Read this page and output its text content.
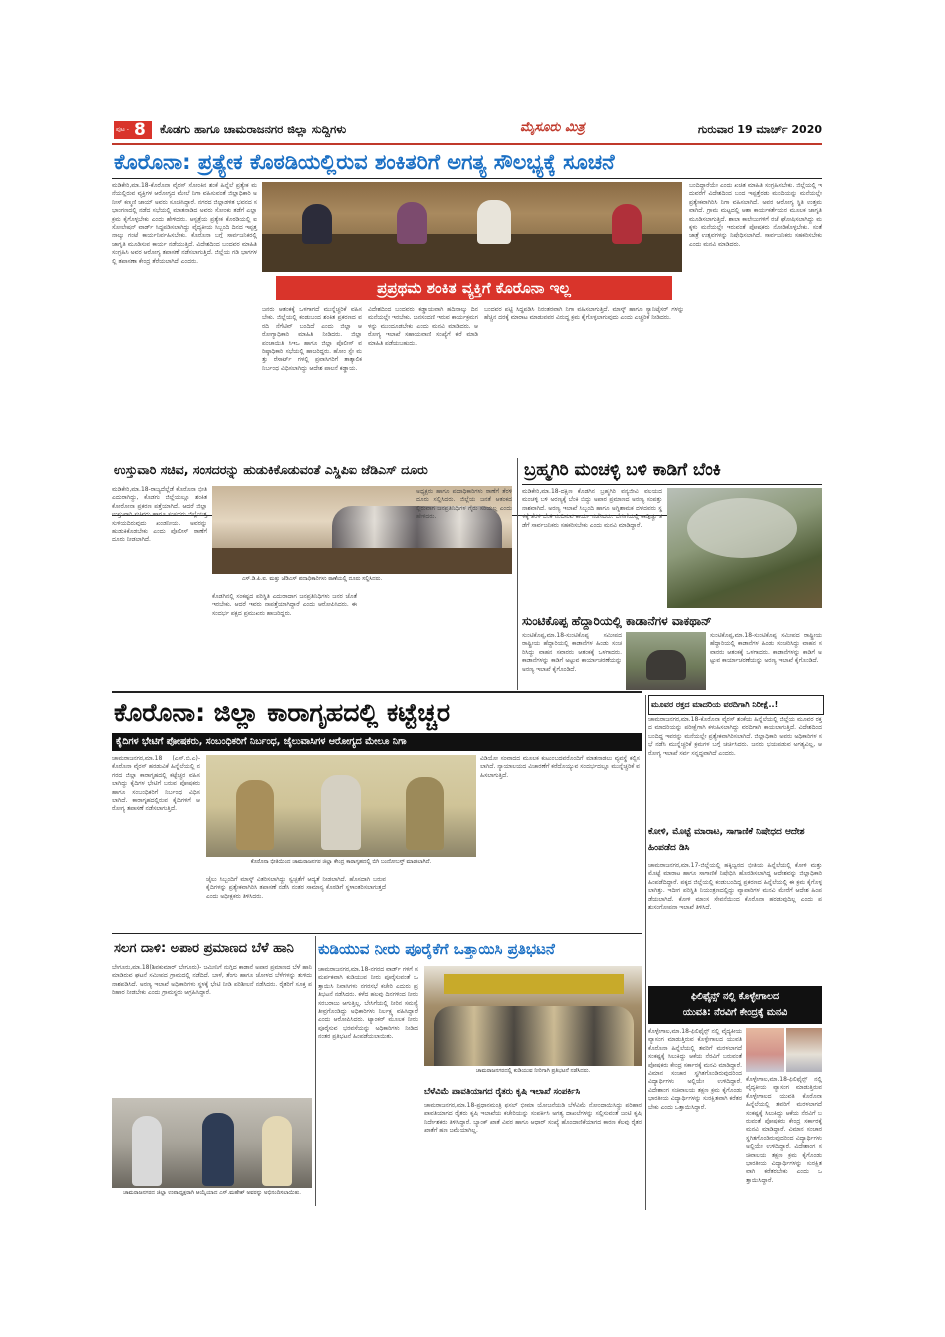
ಪುಟ - 8 ಕೊಡಗು ಹಾಗೂ ಚಾಮರಾಜನಗರ ಜಿಲ್ಲಾ ಸುದ್ದಿಗಳು	ಮೈಸೂರು ಮಿತ್ರ	ಗುರುವಾರ 19 ಮಾರ್ಚ್ 2020
ಕೊರೊನಾ: ಪ್ರತ್ಯೇಕ ಕೊಠಡಿಯಲ್ಲಿರುವ ಶಂಕಿತರಿಗೆ ಅಗತ್ಯ ಸೌಲಭ್ಯಕ್ಕೆ ಸೂಚನೆ
ಮಡಿಕೇರಿ,ಮಾ.18-ಕೊರೊನಾ ವೈರಸ್ ಸೋಂಕಿನ ಶಂಕೆ ಹಿನ್ನೆಲೆ ಪ್ರತ್ಯೇಕ ಮನೆಯಲ್ಲಿರುವ ವ್ಯಕ್ತಿಗಳ ಆರೋಗ್ಯದ ಮೇಲೆ ನಿಗಾ ವಹಿಸುವಂತೆ ಜಿಲ್ಲಾಧಿಕಾರಿ ಅನೀಸ್ ಕಣ್ಮಣಿ ಜಾಯ್ ಅವರು ಸೂಚಿಸಿದ್ದಾರೆ. ನಗರದ ಜಿಲ್ಲಾಡಳಿತ ಭವನದ ಸಭಾಂಗಣದಲ್ಲಿ ನಡೆದ ಸಭೆಯಲ್ಲಿ ಮಾತನಾಡಿದ ಅವರು ಸೋಂಕು ತಡೆಗೆ ಎಲ್ಲಾ ಕ್ರಮ ಕೈಗೊಳ್ಳಬೇಕು ಎಂದು ಹೇಳಿದರು. ಆಸ್ಪತ್ರೆಯ ಪ್ರತ್ಯೇಕ ಕೊಠಡಿಯಲ್ಲಿ ಐಸೋಲೇಷನ್ ವಾರ್ಡ್ ಸಿದ್ಧಪಡಿಸಲಾಗಿದ್ದು ವೈದ್ಯಕೀಯ ಸಿಬ್ಬಂದಿ ದಿನದ ಇಪ್ಪತ್ತನಾಲ್ಕು ಗಂಟೆ ಕಾರ್ಯನಿರ್ವಹಿಸಬೇಕು. ಕೊರೊನಾ ಬಗ್ಗೆ ಸಾರ್ವಜನಿಕರಲ್ಲಿ ಜಾಗೃತಿ ಮೂಡಿಸುವ ಕಾರ್ಯ ನಡೆಯುತ್ತಿದೆ. ವಿದೇಶದಿಂದ ಬಂದವರ ಮಾಹಿತಿ ಸಂಗ್ರಹಿಸಿ ಅವರ ಆರೋಗ್ಯ ತಪಾಸಣೆ ನಡೆಸಲಾಗುತ್ತಿದೆ. ಜಿಲ್ಲೆಯ ಗಡಿ ಭಾಗಗಳಲ್ಲಿ ತಪಾಸಣಾ ಕೇಂದ್ರ ತೆರೆಯಲಾಗಿದೆ ಎಂದರು.
ಬಂದಿದ್ದಾರೆಯೇ ಎಂದು ಖಚಿತ ಮಾಹಿತಿ ಸಂಗ್ರಹಿಸಬೇಕು. ಜಿಲ್ಲೆಯಲ್ಲಿ ಇದುವರೆಗೆ ವಿದೇಶದಿಂದ ಬಂದ ಇಪ್ಪತ್ತೆರಡು ಮಂದಿಯನ್ನು ಮನೆಯಲ್ಲೇ ಪ್ರತ್ಯೇಕವಾಗಿರಿಸಿ ನಿಗಾ ವಹಿಸಲಾಗಿದೆ. ಅವರ ಆರೋಗ್ಯ ಸ್ಥಿತಿ ಉತ್ತಮವಾಗಿದೆ. ಗ್ರಾಮ ಮಟ್ಟದಲ್ಲಿ ಆಶಾ ಕಾರ್ಯಕರ್ತೆಯರ ಮೂಲಕ ಜಾಗೃತಿ ಮೂಡಿಸಲಾಗುತ್ತಿದೆ. ಶಾಲಾ ಕಾಲೇಜುಗಳಿಗೆ ರಜೆ ಘೋಷಿಸಲಾಗಿದ್ದು ಮಕ್ಕಳು ಮನೆಯಲ್ಲೇ ಇರುವಂತೆ ಪೋಷಕರು ನೋಡಿಕೊಳ್ಳಬೇಕು. ಸಂತೆ ಜಾತ್ರೆ ಉತ್ಸವಗಳನ್ನು ನಿಷೇಧಿಸಲಾಗಿದೆ. ಸಾರ್ವಜನಿಕರು ಸಹಕರಿಸಬೇಕು ಎಂದು ಮನವಿ ಮಾಡಿದರು.
ಪ್ರಪ್ರಥಮ ಶಂಕಿತ ವ್ಯಕ್ತಿಗೆ ಕೊರೊನಾ ಇಲ್ಲ
ಜನರು ಆತಂಕಕ್ಕೆ ಒಳಗಾಗದೆ ಮುನ್ನೆಚ್ಚರಿಕೆ ವಹಿಸಬೇಕು. ಜಿಲ್ಲೆಯಲ್ಲಿ ಕಂಡುಬಂದ ಶಂಕಿತ ಪ್ರಕರಣದ ವರದಿ ನೆಗೆಟಿವ್ ಬಂದಿದೆ ಎಂದು ಜಿಲ್ಲಾ ಆರೋಗ್ಯಾಧಿಕಾರಿ ಮಾಹಿತಿ ನೀಡಿದರು. ಜಿಲ್ಲಾ ಪಂಚಾಯಿತಿ ಸಿಇಒ ಹಾಗೂ ಜಿಲ್ಲಾ ಪೊಲೀಸ್ ವರಿಷ್ಠಾಧಿಕಾರಿ ಸಭೆಯಲ್ಲಿ ಹಾಜರಿದ್ದರು. ಹೋಂ ಸ್ಟೇ ಮತ್ತು ರೆಸಾರ್ಟ್ ಗಳಲ್ಲಿ ಪ್ರವಾಸಿಗರಿಗೆ ತಾತ್ಕಾಲಿಕ ನಿರ್ಬಂಧ ವಿಧಿಸಲಾಗಿದ್ದು ಆದೇಶ ಪಾಲನೆ ಕಡ್ಡಾಯ.
ವಿದೇಶದಿಂದ ಬಂದವರು ಕಡ್ಡಾಯವಾಗಿ ಹದಿನಾಲ್ಕು ದಿನ ಮನೆಯಲ್ಲೇ ಇರಬೇಕು. ಜನಸಂದಣಿ ಇರುವ ಕಾರ್ಯಕ್ರಮಗಳನ್ನು ಮುಂದೂಡಬೇಕು ಎಂದು ಮನವಿ ಮಾಡಿದರು. ಆರೋಗ್ಯ ಇಲಾಖೆ ಸಹಾಯವಾಣಿ ಸಂಖ್ಯೆಗೆ ಕರೆ ಮಾಡಿ ಮಾಹಿತಿ ಪಡೆಯಬಹುದು.
ಬಂದವರ ಪಟ್ಟಿ ಸಿದ್ಧಪಡಿಸಿ ನಿರಂತರವಾಗಿ ನಿಗಾ ವಹಿಸಲಾಗುತ್ತಿದೆ. ಮಾಸ್ಕ್ ಹಾಗೂ ಸ್ಯಾನಿಟೈಸರ್ ಗಳನ್ನು ಹೆಚ್ಚಿನ ದರಕ್ಕೆ ಮಾರಾಟ ಮಾಡುವವರ ವಿರುದ್ಧ ಕ್ರಮ ಕೈಗೊಳ್ಳಲಾಗುವುದು ಎಂದು ಎಚ್ಚರಿಕೆ ನೀಡಿದರು.
ಉಸ್ತುವಾರಿ ಸಚಿವ, ಸಂಸದರನ್ನು ಹುಡುಕಿಕೊಡುವಂತೆ ಎಸ್ಡಿಪಿಐ ಜೆಡಿಎಸ್ ದೂರು
ಮಡಿಕೇರಿ,ಮಾ.18-ರಾಜ್ಯದೆಲ್ಲೆಡೆ ಕೊರೊನಾ ಭೀತಿ ಎದುರಾಗಿದ್ದು, ಕೊಡಗು ಜಿಲ್ಲೆಯಲ್ಲೂ ಶಂಕಿತ ಕೋರೋನಾ ಪ್ರಕರಣ ಪತ್ತೆಯಾಗಿದೆ. ಆದರೆ ಜಿಲ್ಲಾ ಉಸ್ತುವಾರಿ ಸಚಿವರು ಹಾಗೂ ಸಂಸದರು ಜಿಲ್ಲೆಯತ್ತ ಸುಳಿಯದಿರುವುದು ಖಂಡನೀಯ. ಅವರನ್ನು ಹುಡುಕಿಕೊಡಬೇಕು ಎಂದು ಪೊಲೀಸ್ ಠಾಣೆಗೆ ದೂರು ನೀಡಲಾಗಿದೆ.
ಎಸ್.ಡಿ.ಪಿ.ಐ. ಮತ್ತು ಜೆಡಿಎಸ್ ಪದಾಧಿಕಾರಿಗಳು ಠಾಣೆಯಲ್ಲಿ ದೂರು ಸಲ್ಲಿಸಿದರು.
ಕೊಡಗಿನಲ್ಲಿ ಸಂಕಷ್ಟದ ಪರಿಸ್ಥಿತಿ ಎದುರಾದಾಗ ಜನಪ್ರತಿನಿಧಿಗಳು ಜನರ ಜೊತೆ ಇರಬೇಕು. ಆದರೆ ಇವರು ನಾಪತ್ತೆಯಾಗಿದ್ದಾರೆ ಎಂದು ಆರೋಪಿಸಿದರು. ಈ ಸಂದರ್ಭ ಪಕ್ಷದ ಪ್ರಮುಖರು ಹಾಜರಿದ್ದರು.
ಅಧ್ಯಕ್ಷರು ಹಾಗೂ ಪದಾಧಿಕಾರಿಗಳು ಠಾಣೆಗೆ ತೆರಳಿ ದೂರು ಸಲ್ಲಿಸಿದರು. ಜಿಲ್ಲೆಯ ಜನತೆ ಆತಂಕದಲ್ಲಿರುವಾಗ ಜನಪ್ರತಿನಿಧಿಗಳ ಗೈರು ಸರಿಯಲ್ಲ ಎಂದು ಹೇಳಿದರು.
ಬ್ರಹ್ಮಗಿರಿ ಮಂಚಳ್ಳಿ ಬಳಿ ಕಾಡಿಗೆ ಬೆಂಕಿ
ಮಡಿಕೇರಿ,ಮಾ.18-ದಕ್ಷಿಣ ಕೊಡಗಿನ ಬ್ರಹ್ಮಗಿರಿ ವನ್ಯಜೀವಿ ವಲಯದ ಮಂಚಳ್ಳಿ ಬಳಿ ಅರಣ್ಯಕ್ಕೆ ಬೆಂಕಿ ಬಿದ್ದು ಅಪಾರ ಪ್ರಮಾಣದ ಅರಣ್ಯ ಸಂಪತ್ತು ನಾಶವಾಗಿದೆ. ಅರಣ್ಯ ಇಲಾಖೆ ಸಿಬ್ಬಂದಿ ಹಾಗೂ ಅಗ್ನಿಶಾಮಕ ದಳದವರು ಸ್ಥಳಕ್ಕೆ ತೆರಳಿ ಬೆಂಕಿ ನಂದಿಸುವ ಕಾರ್ಯ ನಡೆಸಿದರು. ಬೇಸಿಗೆಯಲ್ಲಿ ಕಾಡ್ಗಿಚ್ಚು ತಡೆಗೆ ಸಾರ್ವಜನಿಕರು ಸಹಕರಿಸಬೇಕು ಎಂದು ಮನವಿ ಮಾಡಿದ್ದಾರೆ.
ಸುಂಟಿಕೊಪ್ಪ ಹೆದ್ದಾರಿಯಲ್ಲಿ ಕಾಡಾನೆಗಳ ವಾಕಥಾನ್
ಸುಂಟಿಕೊಪ್ಪ,ಮಾ.18-ಸುಂಟಿಕೊಪ್ಪ ಸಮೀಪದ ರಾಷ್ಟ್ರೀಯ ಹೆದ್ದಾರಿಯಲ್ಲಿ ಕಾಡಾನೆಗಳ ಹಿಂಡು ಸಂಚರಿಸಿದ್ದು ವಾಹನ ಸವಾರರು ಆತಂಕಕ್ಕೆ ಒಳಗಾದರು. ಕಾಡಾನೆಗಳನ್ನು ಕಾಡಿಗೆ ಅಟ್ಟುವ ಕಾರ್ಯಾಚರಣೆಯನ್ನು ಅರಣ್ಯ ಇಲಾಖೆ ಕೈಗೊಂಡಿದೆ.
ಸುಂಟಿಕೊಪ್ಪ,ಮಾ.18-ಸುಂಟಿಕೊಪ್ಪ ಸಮೀಪದ ರಾಷ್ಟ್ರೀಯ ಹೆದ್ದಾರಿಯಲ್ಲಿ ಕಾಡಾನೆಗಳ ಹಿಂಡು ಸಂಚರಿಸಿದ್ದು ವಾಹನ ಸವಾರರು ಆತಂಕಕ್ಕೆ ಒಳಗಾದರು. ಕಾಡಾನೆಗಳನ್ನು ಕಾಡಿಗೆ ಅಟ್ಟುವ ಕಾರ್ಯಾಚರಣೆಯನ್ನು ಅರಣ್ಯ ಇಲಾಖೆ ಕೈಗೊಂಡಿದೆ.
ಕೊರೊನಾ: ಜಿಲ್ಲಾ ಕಾರಾಗೃಹದಲ್ಲಿ ಕಟ್ಟೆಚ್ಚರ
ಕೈದಿಗಳ ಭೇಟಿಗೆ ಪೋಷಕರು, ಸಂಬಂಧಿಕರಿಗೆ ನಿರ್ಬಂಧ, ಜೈಲುವಾಸಿಗಳ ಆರೋಗ್ಯದ ಮೇಲೂ ನಿಗಾ
ಚಾಮರಾಜನಗರ,ಮಾ.18 (ಎಸ್.ಬಿ.ಎ)- ಕೊರೊನಾ ವೈರಸ್ ಹರಡುವಿಕೆ ಹಿನ್ನೆಲೆಯಲ್ಲಿ ನಗರದ ಜಿಲ್ಲಾ ಕಾರಾಗೃಹದಲ್ಲಿ ಕಟ್ಟೆಚ್ಚರ ವಹಿಸಲಾಗಿದ್ದು ಕೈದಿಗಳ ಭೇಟಿಗೆ ಬರುವ ಪೋಷಕರು ಹಾಗೂ ಸಂಬಂಧಿಕರಿಗೆ ನಿರ್ಬಂಧ ವಿಧಿಸಲಾಗಿದೆ. ಕಾರಾಗೃಹದಲ್ಲಿರುವ ಕೈದಿಗಳಿಗೆ ಆರೋಗ್ಯ ತಪಾಸಣೆ ನಡೆಸಲಾಗುತ್ತಿದೆ.
ಕೊರೊನಾ ಭೀತಿಯಿಂದ ಚಾಮರಾಜನಗರ ಜಿಲ್ಲಾ ಕೇಂದ್ರ ಕಾರಾಗೃಹದಲ್ಲಿ ಬಿಗಿ ಬಂದೋಬಸ್ತ್ ಮಾಡಲಾಗಿದೆ.
ಜೈಲು ಸಿಬ್ಬಂದಿಗೆ ಮಾಸ್ಕ್ ವಿತರಿಸಲಾಗಿದ್ದು ಸ್ವಚ್ಛತೆಗೆ ಆದ್ಯತೆ ನೀಡಲಾಗಿದೆ. ಹೊಸದಾಗಿ ಬರುವ ಕೈದಿಗಳನ್ನು ಪ್ರತ್ಯೇಕವಾಗಿರಿಸಿ ತಪಾಸಣೆ ನಡೆಸಿ ನಂತರ ಸಾಮಾನ್ಯ ಕೊಠಡಿಗೆ ಸ್ಥಳಾಂತರಿಸಲಾಗುತ್ತದೆ ಎಂದು ಅಧೀಕ್ಷಕರು ತಿಳಿಸಿದರು.
ವಿಡಿಯೋ ಸಂವಾದದ ಮೂಲಕ ಕುಟುಂಬದವರೊಂದಿಗೆ ಮಾತನಾಡಲು ವ್ಯವಸ್ಥೆ ಕಲ್ಪಿಸಲಾಗಿದೆ. ನ್ಯಾಯಾಲಯದ ವಿಚಾರಣೆಗೆ ಕರೆದೊಯ್ಯುವ ಸಂದರ್ಭದಲ್ಲೂ ಮುನ್ನೆಚ್ಚರಿಕೆ ವಹಿಸಲಾಗುತ್ತಿದೆ.
ಮೂವರ ರಕ್ತದ ಮಾದರಿಯ ವರದಿಗಾಗಿ ನಿರೀಕ್ಷೆ..!
ಚಾಮರಾಜನಗರ,ಮಾ.18-ಕೊರೊನಾ ವೈರಸ್ ಶಂಕೆಯ ಹಿನ್ನೆಲೆಯಲ್ಲಿ ಜಿಲ್ಲೆಯ ಮೂವರ ರಕ್ತದ ಮಾದರಿಯನ್ನು ಪರೀಕ್ಷೆಗಾಗಿ ಕಳುಹಿಸಲಾಗಿದ್ದು ವರದಿಗಾಗಿ ಕಾಯಲಾಗುತ್ತಿದೆ. ವಿದೇಶದಿಂದ ಬಂದಿದ್ದ ಇವರನ್ನು ಮನೆಯಲ್ಲೇ ಪ್ರತ್ಯೇಕವಾಗಿರಿಸಲಾಗಿದೆ. ಜಿಲ್ಲಾಧಿಕಾರಿ ಅವರು ಅಧಿಕಾರಿಗಳ ಸಭೆ ನಡೆಸಿ ಮುನ್ನೆಚ್ಚರಿಕೆ ಕ್ರಮಗಳ ಬಗ್ಗೆ ಚರ್ಚಿಸಿದರು. ಜನರು ಭಯಪಡುವ ಅಗತ್ಯವಿಲ್ಲ, ಆರೋಗ್ಯ ಇಲಾಖೆ ಸರ್ವ ಸನ್ನದ್ಧವಾಗಿದೆ ಎಂದರು.
ಕೋಳಿ, ಮೊಟ್ಟೆ ಮಾರಾಟ, ಸಾಗಾಣಿಕೆ ನಿಷೇಧದ ಆದೇಶ ಹಿಂಪಡೆದ ಡಿಸಿ
ಚಾಮರಾಜನಗರ,ಮಾ.17-ಜಿಲ್ಲೆಯಲ್ಲಿ ಹಕ್ಕಿಜ್ವರದ ಭೀತಿಯ ಹಿನ್ನೆಲೆಯಲ್ಲಿ ಕೋಳಿ ಮತ್ತು ಮೊಟ್ಟೆ ಮಾರಾಟ ಹಾಗೂ ಸಾಗಾಣಿಕೆ ನಿಷೇಧಿಸಿ ಹೊರಡಿಸಲಾಗಿದ್ದ ಆದೇಶವನ್ನು ಜಿಲ್ಲಾಧಿಕಾರಿ ಹಿಂಪಡೆದಿದ್ದಾರೆ. ಪಕ್ಕದ ಜಿಲ್ಲೆಯಲ್ಲಿ ಕಂಡುಬಂದಿದ್ದ ಪ್ರಕರಣದ ಹಿನ್ನೆಲೆಯಲ್ಲಿ ಈ ಕ್ರಮ ಕೈಗೊಳ್ಳಲಾಗಿತ್ತು. ಇದೀಗ ಪರಿಸ್ಥಿತಿ ನಿಯಂತ್ರಣದಲ್ಲಿದ್ದು ವ್ಯಾಪಾರಿಗಳ ಮನವಿ ಮೇರೆಗೆ ಆದೇಶ ಹಿಂಪಡೆಯಲಾಗಿದೆ. ಕೋಳಿ ಮಾಂಸ ಸೇವನೆಯಿಂದ ಕೊರೊನಾ ಹರಡುವುದಿಲ್ಲ ಎಂದು ಪಶುಸಂಗೋಪನಾ ಇಲಾಖೆ ತಿಳಿಸಿದೆ.
ಫಿಲಿಫೈನ್ಸ್ ನಲ್ಲಿ ಕೊಳ್ಳೇಗಾಲದ
ಯುವತಿ: ನೆರವಿಗೆ ಕೇಂದ್ರಕ್ಕೆ ಮನವಿ
ಕೊಳ್ಳೇಗಾಲ,ಮಾ.18-ಫಿಲಿಫೈನ್ಸ್ ನಲ್ಲಿ ವೈದ್ಯಕೀಯ ವ್ಯಾಸಂಗ ಮಾಡುತ್ತಿರುವ ಕೊಳ್ಳೇಗಾಲದ ಯುವತಿ ಕೊರೊನಾ ಹಿನ್ನೆಲೆಯಲ್ಲಿ ತವರಿಗೆ ಮರಳಲಾಗದೆ ಸಂಕಷ್ಟಕ್ಕೆ ಸಿಲುಕಿದ್ದು ಆಕೆಯ ನೆರವಿಗೆ ಬರುವಂತೆ ಪೋಷಕರು ಕೇಂದ್ರ ಸರ್ಕಾರಕ್ಕೆ ಮನವಿ ಮಾಡಿದ್ದಾರೆ. ವಿಮಾನ ಸಂಚಾರ ಸ್ಥಗಿತಗೊಂಡಿರುವುದರಿಂದ ವಿದ್ಯಾರ್ಥಿಗಳು ಅಲ್ಲಿಯೇ ಉಳಿದಿದ್ದಾರೆ. ವಿದೇಶಾಂಗ ಸಚಿವಾಲಯ ತಕ್ಷಣ ಕ್ರಮ ಕೈಗೊಂಡು ಭಾರತೀಯ ವಿದ್ಯಾರ್ಥಿಗಳನ್ನು ಸುರಕ್ಷಿತವಾಗಿ ಕರೆತರಬೇಕು ಎಂದು ಒತ್ತಾಯಿಸಿದ್ದಾರೆ.
ಕೊಳ್ಳೇಗಾಲ,ಮಾ.18-ಫಿಲಿಫೈನ್ಸ್ ನಲ್ಲಿ ವೈದ್ಯಕೀಯ ವ್ಯಾಸಂಗ ಮಾಡುತ್ತಿರುವ ಕೊಳ್ಳೇಗಾಲದ ಯುವತಿ ಕೊರೊನಾ ಹಿನ್ನೆಲೆಯಲ್ಲಿ ತವರಿಗೆ ಮರಳಲಾಗದೆ ಸಂಕಷ್ಟಕ್ಕೆ ಸಿಲುಕಿದ್ದು ಆಕೆಯ ನೆರವಿಗೆ ಬರುವಂತೆ ಪೋಷಕರು ಕೇಂದ್ರ ಸರ್ಕಾರಕ್ಕೆ ಮನವಿ ಮಾಡಿದ್ದಾರೆ. ವಿಮಾನ ಸಂಚಾರ ಸ್ಥಗಿತಗೊಂಡಿರುವುದರಿಂದ ವಿದ್ಯಾರ್ಥಿಗಳು ಅಲ್ಲಿಯೇ ಉಳಿದಿದ್ದಾರೆ. ವಿದೇಶಾಂಗ ಸಚಿವಾಲಯ ತಕ್ಷಣ ಕ್ರಮ ಕೈಗೊಂಡು ಭಾರತೀಯ ವಿದ್ಯಾರ್ಥಿಗಳನ್ನು ಸುರಕ್ಷಿತವಾಗಿ ಕರೆತರಬೇಕು ಎಂದು ಒತ್ತಾಯಿಸಿದ್ದಾರೆ.
ಸಲಗ ದಾಳಿ: ಅಪಾರ ಪ್ರಮಾಣದ ಬೆಳೆ ಹಾನಿ
ಬೇಗೂರು,ಮಾ.18(ಶಿವಕುಮಾರ್ ಬೇಗೂರು)- ಜಮೀನಿಗೆ ನುಗ್ಗಿದ ಕಾಡಾನೆ ಅಪಾರ ಪ್ರಮಾಣದ ಬೆಳೆ ಹಾನಿ ಮಾಡಿರುವ ಘಟನೆ ಸಮೀಪದ ಗ್ರಾಮದಲ್ಲಿ ನಡೆದಿದೆ. ಬಾಳೆ, ತೆಂಗು ಹಾಗೂ ಜೋಳದ ಬೆಳೆಗಳನ್ನು ತುಳಿದು ನಾಶಪಡಿಸಿದೆ. ಅರಣ್ಯ ಇಲಾಖೆ ಅಧಿಕಾರಿಗಳು ಸ್ಥಳಕ್ಕೆ ಭೇಟಿ ನೀಡಿ ಪರಿಶೀಲನೆ ನಡೆಸಿದರು. ರೈತರಿಗೆ ಸೂಕ್ತ ಪರಿಹಾರ ನೀಡಬೇಕು ಎಂದು ಗ್ರಾಮಸ್ಥರು ಆಗ್ರಹಿಸಿದ್ದಾರೆ.
ಚಾಮರಾಜನಗರದ ಜಿಲ್ಲಾ ಉಪಾಧ್ಯಕ್ಷರಾಗಿ ಆಯ್ಕೆಯಾದ ಎಸ್.ಮಹೇಶ್ ಅವರನ್ನು ಅಭಿನಂದಿಸಲಾಯಿತು.
ಕುಡಿಯುವ ನೀರು ಪೂರೈಕೆಗೆ ಒತ್ತಾಯಿಸಿ ಪ್ರತಿಭಟನೆ
ಚಾಮರಾಜನಗರ,ಮಾ.18-ನಗರದ ವಾರ್ಡ್ ಗಳಿಗೆ ಸಮರ್ಪಕವಾಗಿ ಕುಡಿಯುವ ನೀರು ಪೂರೈಸುವಂತೆ ಒತ್ತಾಯಿಸಿ ನಿವಾಸಿಗಳು ನಗರಸಭೆ ಕಚೇರಿ ಎದುರು ಪ್ರತಿಭಟನೆ ನಡೆಸಿದರು. ಕಳೆದ ಹಲವು ದಿನಗಳಿಂದ ನೀರು ಸರಬರಾಜು ಆಗುತ್ತಿಲ್ಲ. ಬೇಸಿಗೆಯಲ್ಲಿ ನೀರಿನ ಸಮಸ್ಯೆ ತೀವ್ರಗೊಂಡಿದ್ದು ಅಧಿಕಾರಿಗಳು ನಿರ್ಲಕ್ಷ್ಯ ವಹಿಸಿದ್ದಾರೆ ಎಂದು ಆರೋಪಿಸಿದರು. ಟ್ಯಾಂಕರ್ ಮೂಲಕ ನೀರು ಪೂರೈಸುವ ಭರವಸೆಯನ್ನು ಅಧಿಕಾರಿಗಳು ನೀಡಿದ ನಂತರ ಪ್ರತಿಭಟನೆ ಹಿಂಪಡೆಯಲಾಯಿತು.
ಚಾಮರಾಜನಗರದಲ್ಲಿ ಕುಡಿಯುವ ನೀರಿಗಾಗಿ ಪ್ರತಿಭಟನೆ ನಡೆಸಿದರು.
ಬೆಳೆವಿಮೆ ಪಾವತಿಯಾಗದ ರೈತರು ಕೃಷಿ ಇಲಾಖೆ ಸಂಪರ್ಕಿಸಿ
ಚಾಮರಾಜನಗರ,ಮಾ.18-ಪ್ರಧಾನಮಂತ್ರಿ ಫಸಲ್ ಭೀಮಾ ಯೋಜನೆಯಡಿ ಬೆಳೆವಿಮೆ ನೋಂದಾಯಿಸಿದ್ದು ಪರಿಹಾರ ಪಾವತಿಯಾಗದ ರೈತರು ಕೃಷಿ ಇಲಾಖೆಯ ಕಚೇರಿಯನ್ನು ಸಂಪರ್ಕಿಸಿ ಅಗತ್ಯ ದಾಖಲೆಗಳನ್ನು ಸಲ್ಲಿಸುವಂತೆ ಜಂಟಿ ಕೃಷಿ ನಿರ್ದೇಶಕರು ತಿಳಿಸಿದ್ದಾರೆ. ಬ್ಯಾಂಕ್ ಖಾತೆ ವಿವರ ಹಾಗೂ ಆಧಾರ್ ಸಂಖ್ಯೆ ಹೊಂದಾಣಿಕೆಯಾಗದ ಕಾರಣ ಕೆಲವು ರೈತರ ಖಾತೆಗೆ ಹಣ ಜಮೆಯಾಗಿಲ್ಲ.
